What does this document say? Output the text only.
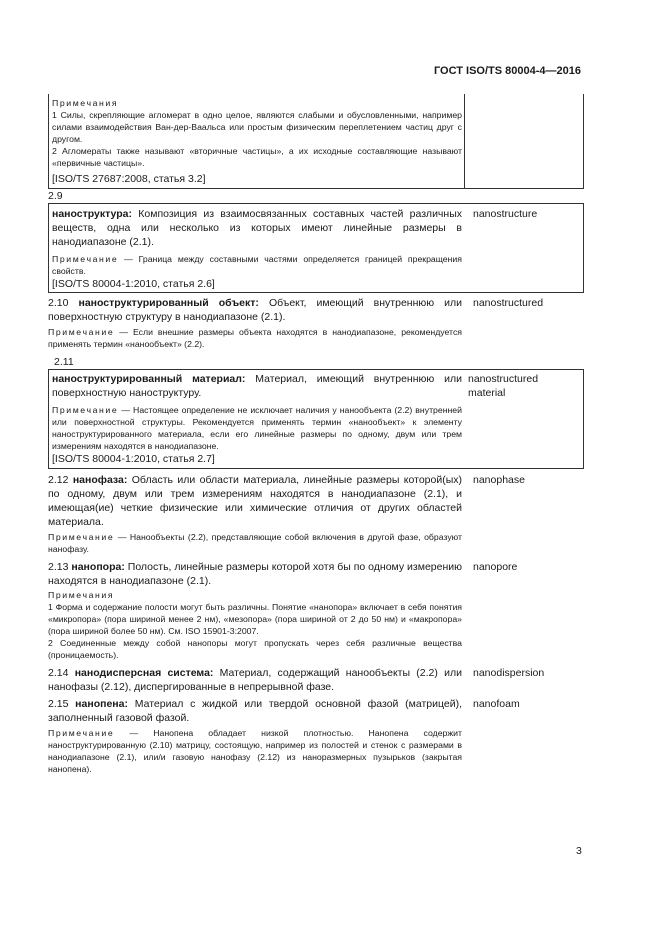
ГОСТ ISO/TS 80004-4—2016
Примечания
1 Силы, скрепляющие агломерат в одно целое, являются слабыми и обусловленными, например силами взаимодействия Ван-дер-Ваальса или простым физическим переплетением частиц друг с другом.
2 Агломераты также называют «вторичные частицы», а их исходные составляющие называют «первичные частицы».
[ISO/TS 27687:2008, статья 3.2]
2.9
наноструктура: Композиция из взаимосвязанных составных частей различных веществ, одна или несколько из которых имеют линейные размеры в нанодиапазоне (2.1).
Примечание — Граница между составными частями определяется границей прекращения свойств.
[ISO/TS 80004-1:2010, статья 2.6]
nanostructure
2.10 наноструктурированный объект: Объект, имеющий внутреннюю или поверхностную структуру в нанодиапазоне (2.1).
Примечание — Если внешние размеры объекта находятся в нанодиапазоне, рекомендуется применять термин «нанообъект» (2.2).
nanostructured
2.11
наноструктурированный материал: Материал, имеющий внутреннюю или поверхностную наноструктуру.
Примечание — Настоящее определение не исключает наличия у нанообъекта (2.2) внутренней или поверхностной структуры. Рекомендуется применять термин «нанообъект» к элементу наноструктурированного материала, если его линейные размеры по одному, двум или трем измерениям находятся в нанодиапазоне.
[ISO/TS 80004-1:2010, статья 2.7]
nanostructured
material
2.12 нанофаза: Область или области материала, линейные размеры которой(ых) по одному, двум или трем измерениям находятся в нанодиапазоне (2.1), и имеющая(ие) четкие физические или химические отличия от других областей материала.
Примечание — Нанообъекты (2.2), представляющие собой включения в другой фазе, образуют нанофазу.
nanophase
2.13 нанопора: Полость, линейные размеры которой хотя бы по одному измерению находятся в нанодиапазоне (2.1).
Примечания
1 Форма и содержание полости могут быть различны. Понятие «нанопора» включает в себя понятия «микропора» (пора шириной менее 2 нм), «мезопора» (пора шириной от 2 до 50 нм) и «макропора» (пора шириной более 50 нм). См. ISO 15901-3:2007.
2 Соединенные между собой нанопоры могут пропускать через себя различные вещества (проницаемость).
nanopore
2.14 нанодисперсная система: Материал, содержащий нанообъекты (2.2) или нанофазы (2.12), диспергированные в непрерывной фазе.
nanodispersion
2.15 нанопена: Материал с жидкой или твердой основной фазой (матрицей), заполненный газовой фазой.
Примечание — Нанопена обладает низкой плотностью. Нанопена содержит наноструктурированную (2.10) матрицу, состоящую, например из полостей и стенок с размерами в нанодиапазоне (2.1), или/и газовую нанофазу (2.12) из наноразмерных пузырьков (закрытая нанопена).
nanofoam
3
